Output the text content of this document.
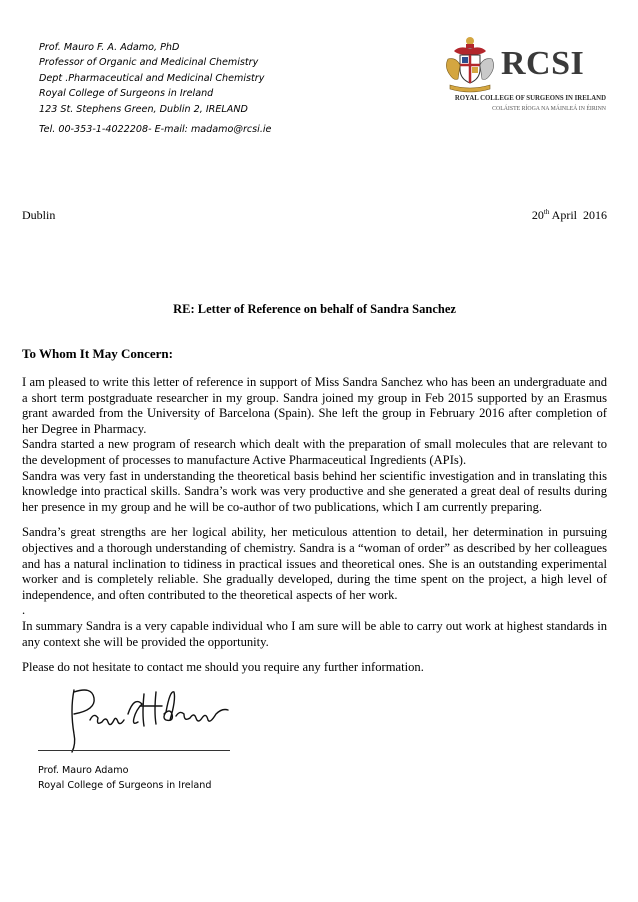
Prof. Mauro F. A. Adamo, PhD
Professor of Organic and Medicinal Chemistry
Dept .Pharmaceutical and Medicinal Chemistry
Royal College of Surgeons in Ireland
123 St. Stephens Green, Dublin 2, IRELAND
Tel. 00-353-1-4022208- E-mail: madamo@rcsi.ie
RCSI
ROYAL COLLEGE OF SURGEONS IN IRELAND
COLÁISTE RÍOGA NA MÁINLEÁ IN ÉIRINN
Dublin	20th April  2016
RE: Letter of Reference on behalf of Sandra Sanchez
To Whom It May Concern:

I am pleased to write this letter of reference in support of Miss Sandra Sanchez who has been an undergraduate and a short term postgraduate researcher in my group. Sandra joined my group in Feb 2015 supported by an Erasmus grant awarded from the University of Barcelona (Spain). She left the group in February 2016 after completion of her Degree in Pharmacy.

Sandra started a new program of research which dealt with the preparation of small molecules that are relevant to the development of processes to manufacture Active Pharmaceutical Ingredients (APIs).

Sandra was very fast in understanding the theoretical basis behind her scientific investigation and in translating this knowledge into practical skills. Sandra’s work was very productive and she generated a great deal of results during her presence in my group and he will be co-author of two publications, which I am currently preparing.

Sandra’s great strengths are her logical ability, her meticulous attention to detail, her determination in pursuing objectives and a thorough understanding of chemistry. Sandra is a “woman of order” as described by her colleagues and has a natural inclination to tidiness in practical issues and theoretical ones. She is an outstanding experimental worker and is completely reliable. She gradually developed, during the time spent on the project, a high level of independence, and often contributed to the theoretical aspects of her work.

.

In summary Sandra is a very capable individual who I am sure will be able to carry out work at highest standards in any context she will be provided the opportunity.

Please do not hesitate to contact me should you require any further information.

Prof. Mauro Adamo
Royal College of Surgeons in Ireland
